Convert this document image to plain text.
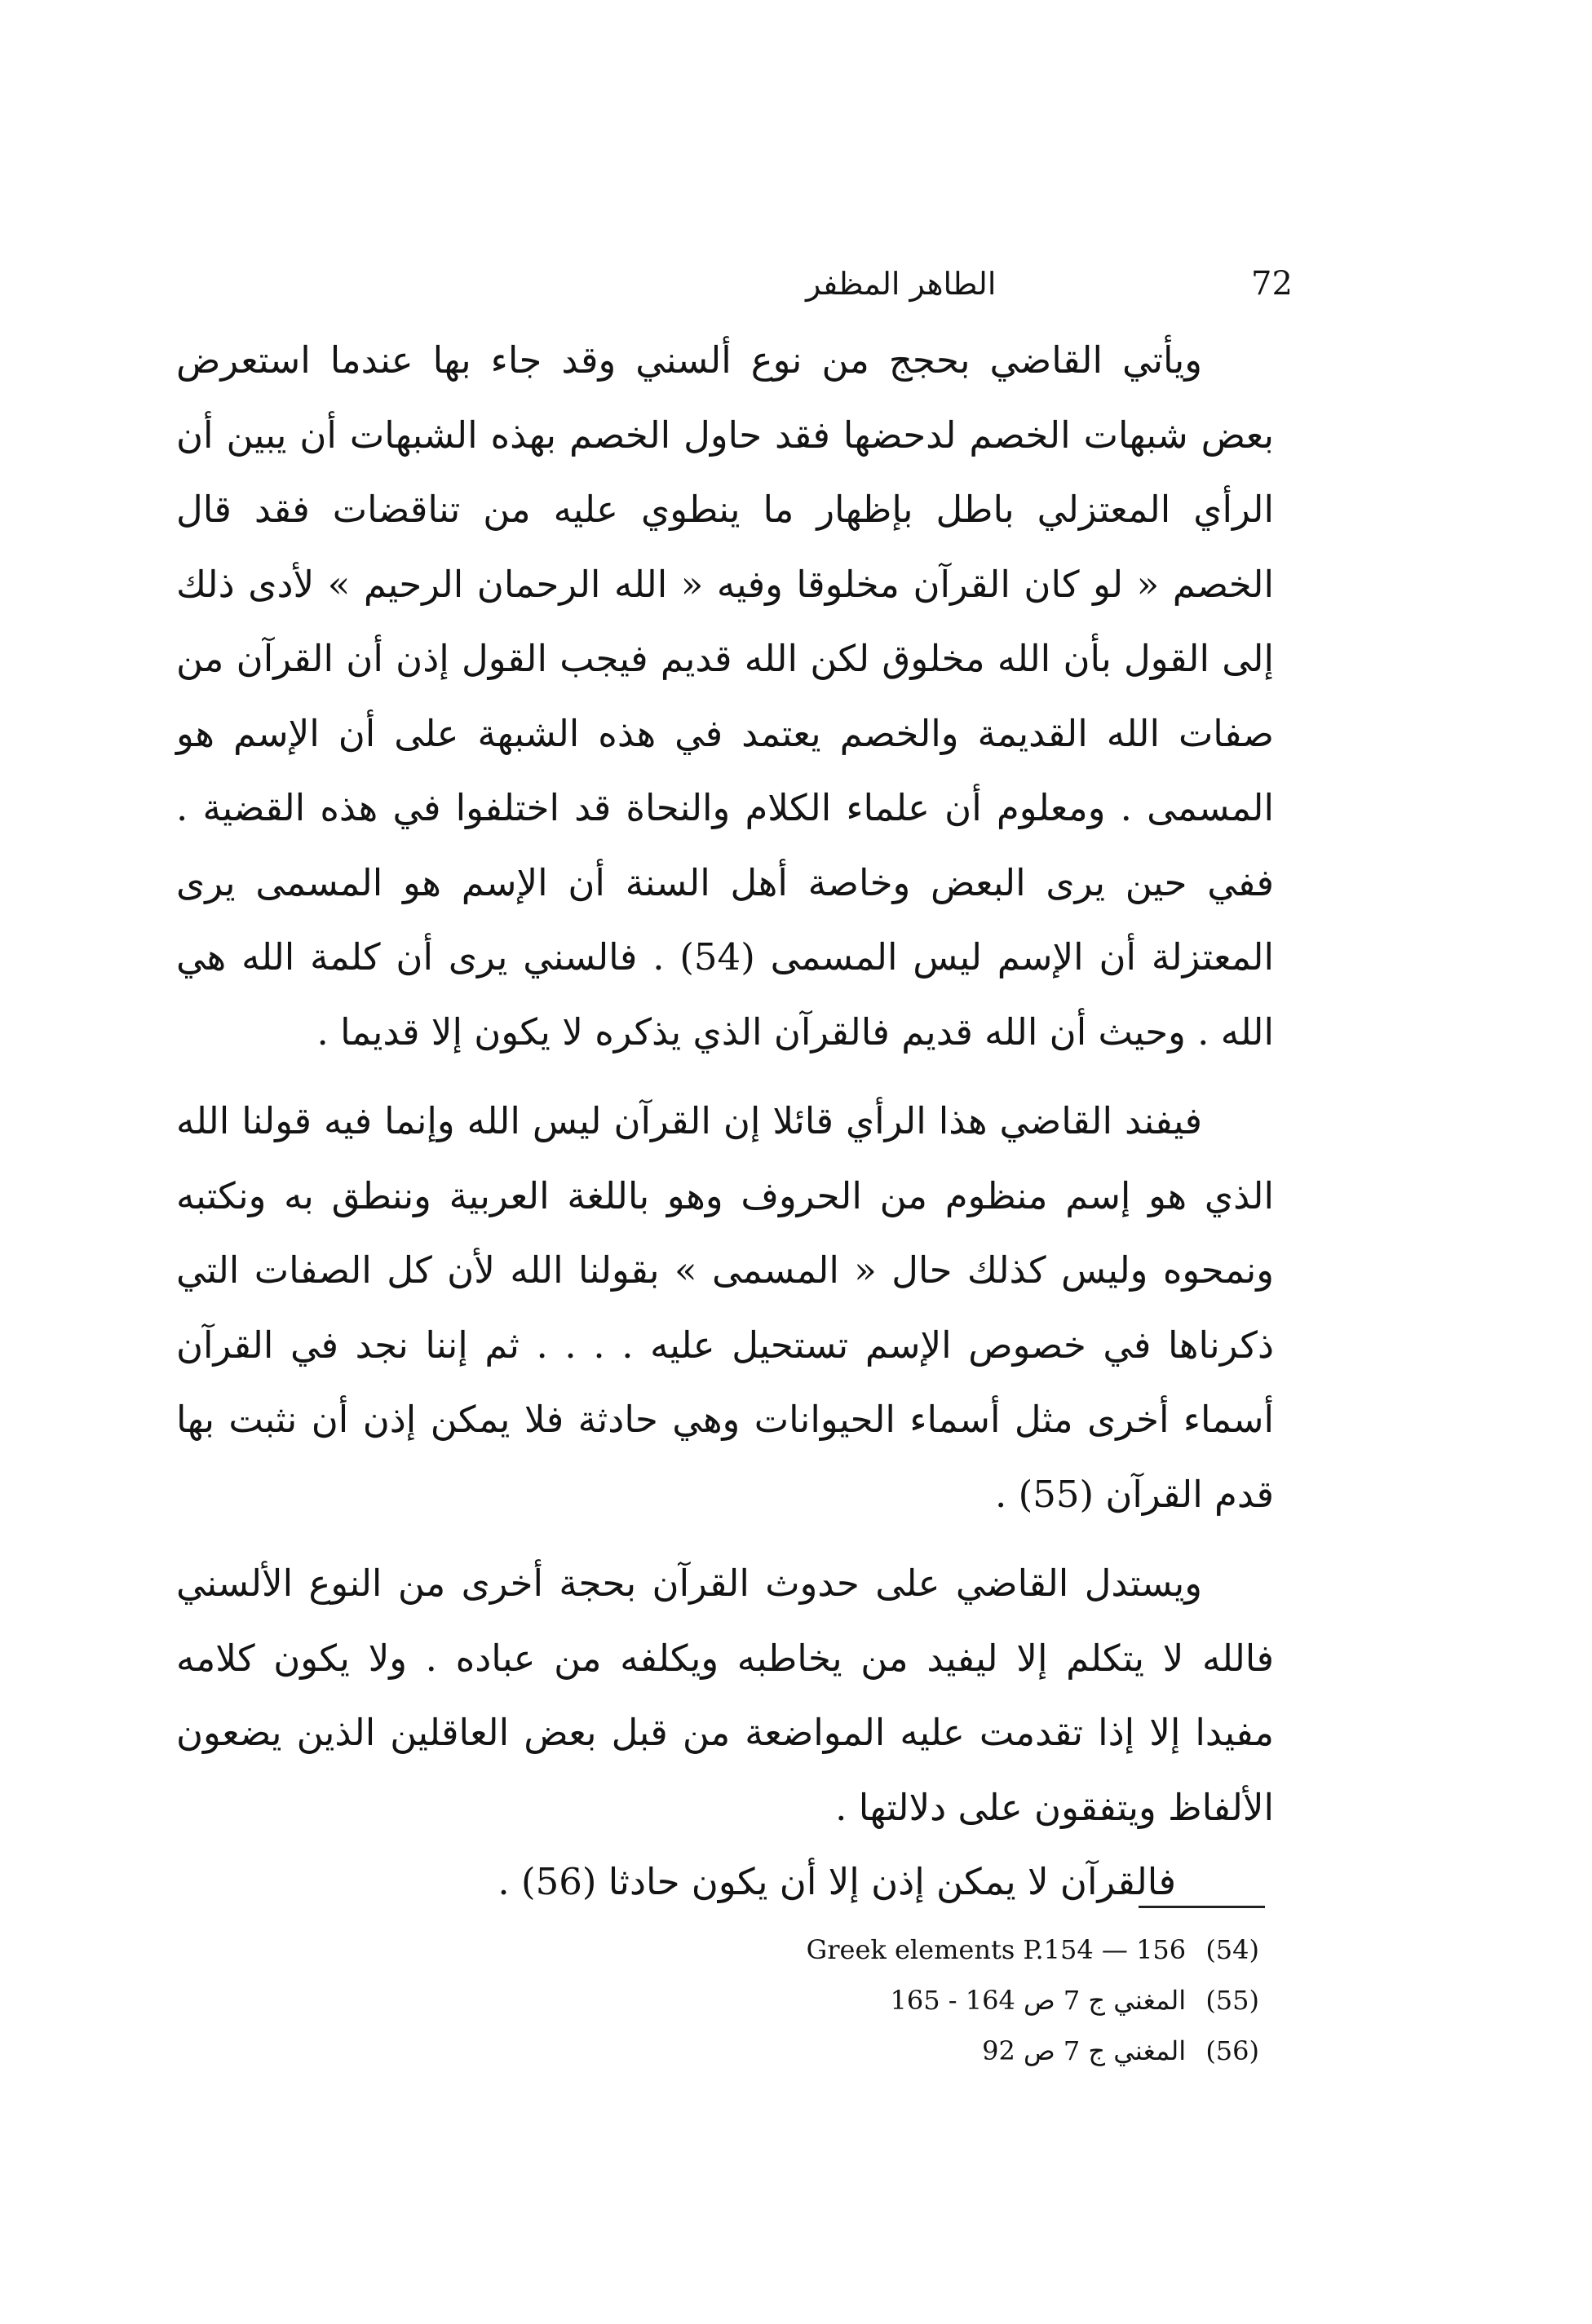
72
الطاهر المظفر

ويأتي القاضي بحجج من نوع ألسني وقد جاء بها عندما استعرض بعض شبهات الخصم لدحضها فقد حاول الخصم بهذه الشبهات أن يبين أن الرأي المعتزلي باطل بإظهار ما ينطوي عليه من تناقضات فقد قال الخصم « لو كان القرآن مخلوقا وفيه « الله الرحمان الرحيم » لأدى ذلك إلى القول بأن الله مخلوق لكن الله قديم فيجب القول إذن أن القرآن من صفات الله القديمة والخصم يعتمد في هذه الشبهة على أن الإسم هو المسمى . ومعلوم أن علماء الكلام والنحاة قد اختلفوا في هذه القضية . ففي حين يرى البعض وخاصة أهل السنة أن الإسم هو المسمى يرى المعتزلة أن الإسم ليس المسمى (54) . فالسني يرى أن كلمة الله هي الله . وحيث أن الله قديم فالقرآن الذي يذكره لا يكون إلا قديما .

فيفند القاضي هذا الرأي قائلا إن القرآن ليس الله وإنما فيه قولنا الله الذي هو إسم منظوم من الحروف وهو باللغة العربية وننطق به ونكتبه ونمحوه وليس كذلك حال « المسمى » بقولنا الله لأن كل الصفات التي ذكرناها في خصوص الإسم تستحيل عليه . . . . ثم إننا نجد في القرآن أسماء أخرى مثل أسماء الحيوانات وهي حادثة فلا يمكن إذن أن نثبت بها قدم القرآن (55) .

ويستدل القاضي على حدوث القرآن بحجة أخرى من النوع الألسني فالله لا يتكلم إلا ليفيد من يخاطبه ويكلفه من عباده . ولا يكون كلامه مفيدا إلا إذا تقدمت عليه المواضعة من قبل بعض العاقلين الذين يضعون الألفاظ ويتفقون على دلالتها .

فالقرآن لا يمكن إذن إلا أن يكون حادثا (56) .

Greek elements P.154 — 156 (54)
المغني ج 7 ص 164 - 165 (55)
المغني ج 7 ص 92 (56)
